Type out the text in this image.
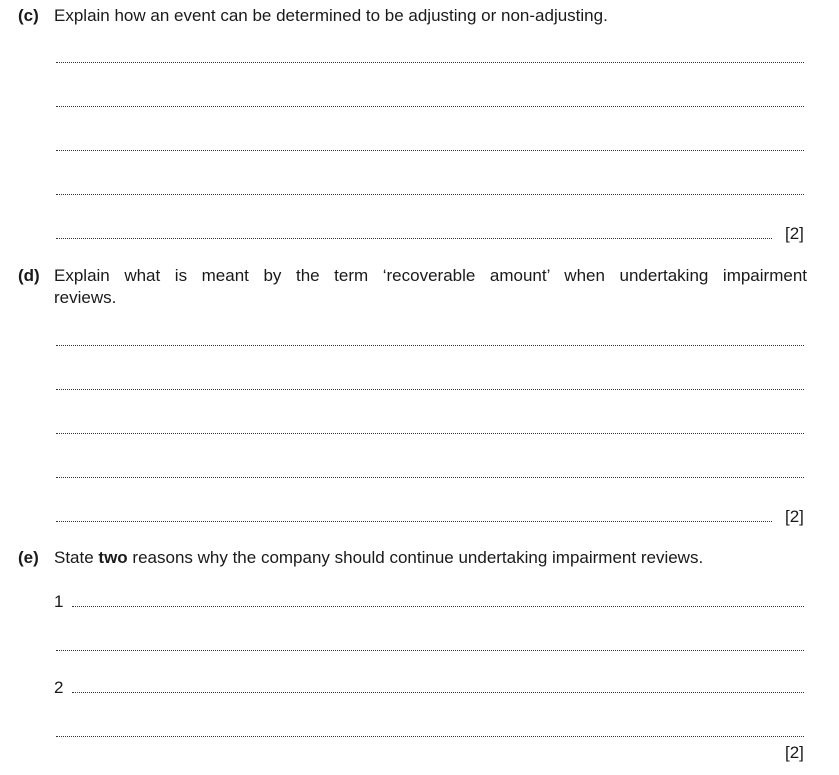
(c) Explain how an event can be determined to be adjusting or non-adjusting.
[2]
(d) Explain what is meant by the term ‘recoverable amount’ when undertaking impairment
reviews.
[2]
(e) State two reasons why the company should continue undertaking impairment reviews.
1
2
[2]
